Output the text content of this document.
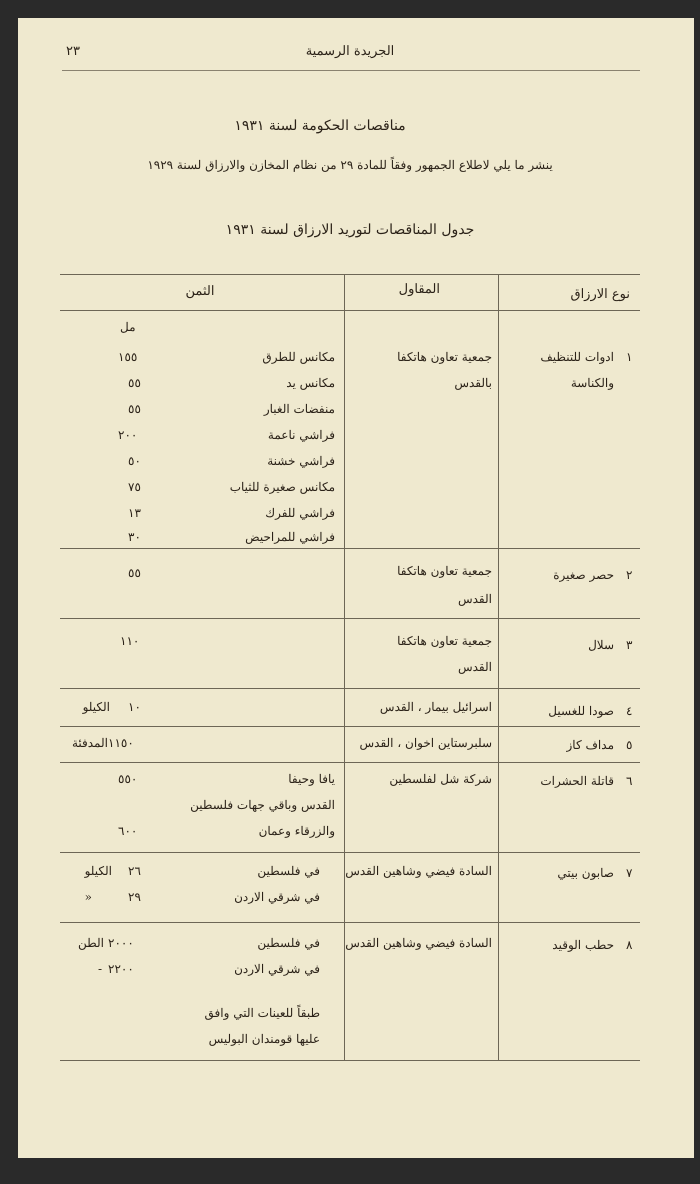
٢٣	الجريدة الرسمية
مناقصات الحكومة لسنة ١٩٣١
ينشر ما يلي لاطلاع الجمهور وفقاً للمادة ٢٩ من نظام المخازن والارزاق لسنة ١٩٢٩
جدول المناقصات لتوريد الارزاق لسنة ١٩٣١
نوع الارزاق
المقاول
الثمن
مل
١
ادوات للتنظيف
والكناسة
جمعية تعاون هاتكفا
بالقدس
مكانس للطرق
١٥٥
مكانس يد
٥٥
منفضات الغبار
٥٥
فراشي ناعمة
٢٠٠
فراشي خشنة
٥٠
مكانس صغيرة للثياب
٧٥
فراشي للفرك
١٣
فراشي للمراحيض
٣٠
٢
حصر صغيرة
جمعية تعاون هاتكفا
القدس
٥٥
٣
سلال
جمعية تعاون هاتكفا
القدس
١١٠
٤
صودا للغسيل
اسرائيل بيمار ، القدس
١٠
الكيلو
٥
مداف كاز
سلبرستاين اخوان ، القدس
١١٥٠
المدفئة
٦
قاتلة الحشرات
شركة شل لفلسطين
يافا وحيفا
٥٥٠
القدس وباقي جهات فلسطين
والزرقاء وعمان
٦٠٠
٧
صابون بيتي
السادة فيضي وشاهين القدس
في فلسطين
٢٦
الكيلو
في شرقي الاردن
٢٩
«
٨
حطب الوقيد
السادة فيضي وشاهين القدس
في فلسطين
٢٠٠٠
الطن
في شرقي الاردن
٢٢٠٠
-
طبقاً للعينات التي وافق
عليها قومندان البوليس
